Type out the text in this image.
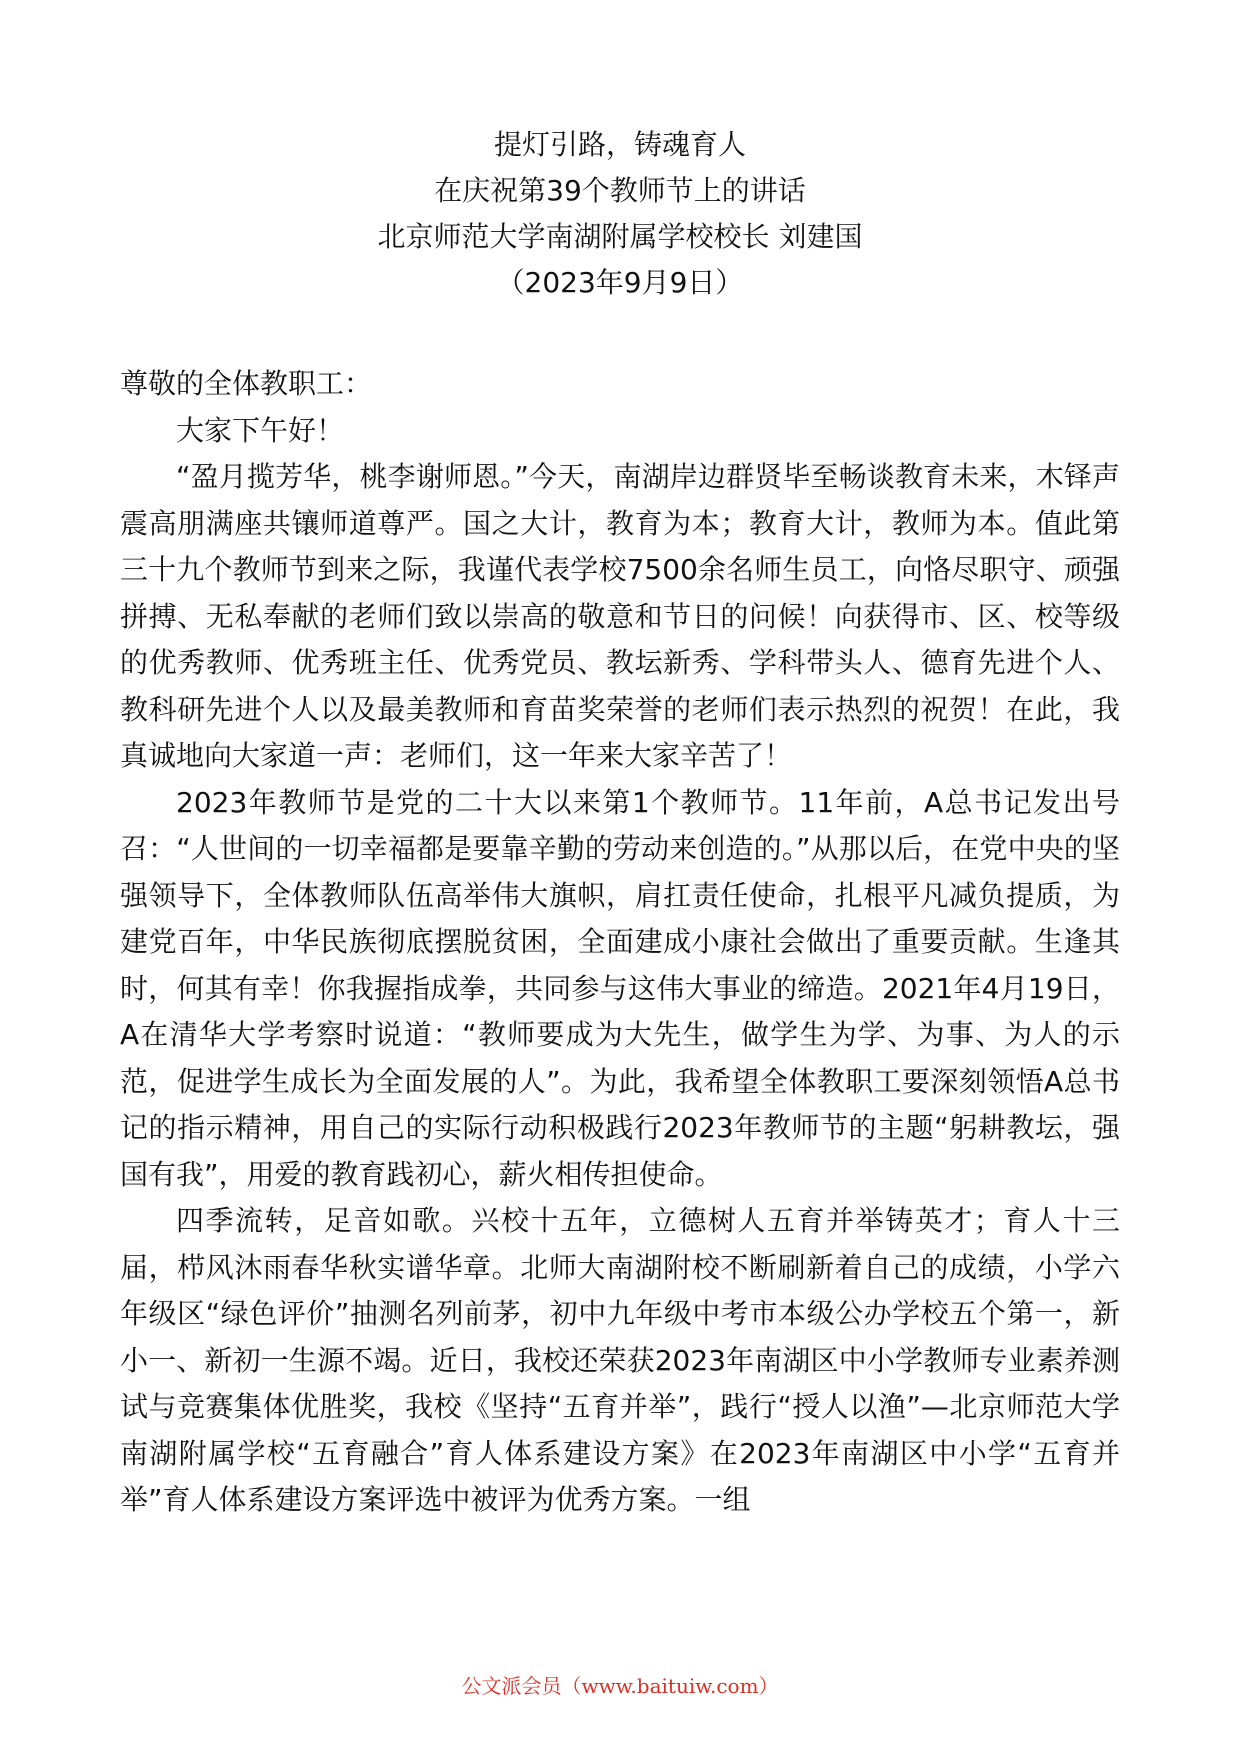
提灯引路，铸魂育人
在庆祝第39个教师节上的讲话
北京师范大学南湖附属学校校长 刘建国
（2023年9月9日）

尊敬的全体教职工：

大家下午好！

“盈月揽芳华，桃李谢师恩。”今天，南湖岸边群贤毕至畅谈教育未来，木铎声震高朋满座共镶师道尊严。国之大计，教育为本；教育大计，教师为本。值此第三十九个教师节到来之际，我谨代表学校7500余名师生员工，向恪尽职守、顽强拼搏、无私奉献的老师们致以崇高的敬意和节日的问候！向获得市、区、校等级的优秀教师、优秀班主任、优秀党员、教坛新秀、学科带头人、德育先进个人、教科研先进个人以及最美教师和育苗奖荣誉的老师们表示热烈的祝贺！在此，我真诚地向大家道一声：老师们，这一年来大家辛苦了！

2023年教师节是党的二十大以来第1个教师节。11年前，A总书记发出号召：“人世间的一切幸福都是要靠辛勤的劳动来创造的。”从那以后，在党中央的坚强领导下，全体教师队伍高举伟大旗帜，肩扛责任使命，扎根平凡减负提质，为建党百年，中华民族彻底摆脱贫困，全面建成小康社会做出了重要贡献。生逢其时，何其有幸！你我握指成拳，共同参与这伟大事业的缔造。2021年4月19日，A在清华大学考察时说道：“教师要成为大先生，做学生为学、为事、为人的示范，促进学生成长为全面发展的人”。为此，我希望全体教职工要深刻领悟A总书记的指示精神，用自己的实际行动积极践行2023年教师节的主题“躬耕教坛，强国有我”，用爱的教育践初心，薪火相传担使命。

四季流转，足音如歌。兴校十五年，立德树人五育并举铸英才；育人十三届，栉风沐雨春华秋实谱华章。北师大南湖附校不断刷新着自己的成绩，小学六年级区“绿色评价”抽测名列前茅，初中九年级中考市本级公办学校五个第一，新小一、新初一生源不竭。近日，我校还荣获2023年南湖区中小学教师专业素养测试与竞赛集体优胜奖，我校《坚持“五育并举”，践行“授人以渔”—北京师范大学南湖附属学校“五育融合”育人体系建设方案》在2023年南湖区中小学“五育并举”育人体系建设方案评选中被评为优秀方案。一组

公文派会员（www.baituiw.com）
